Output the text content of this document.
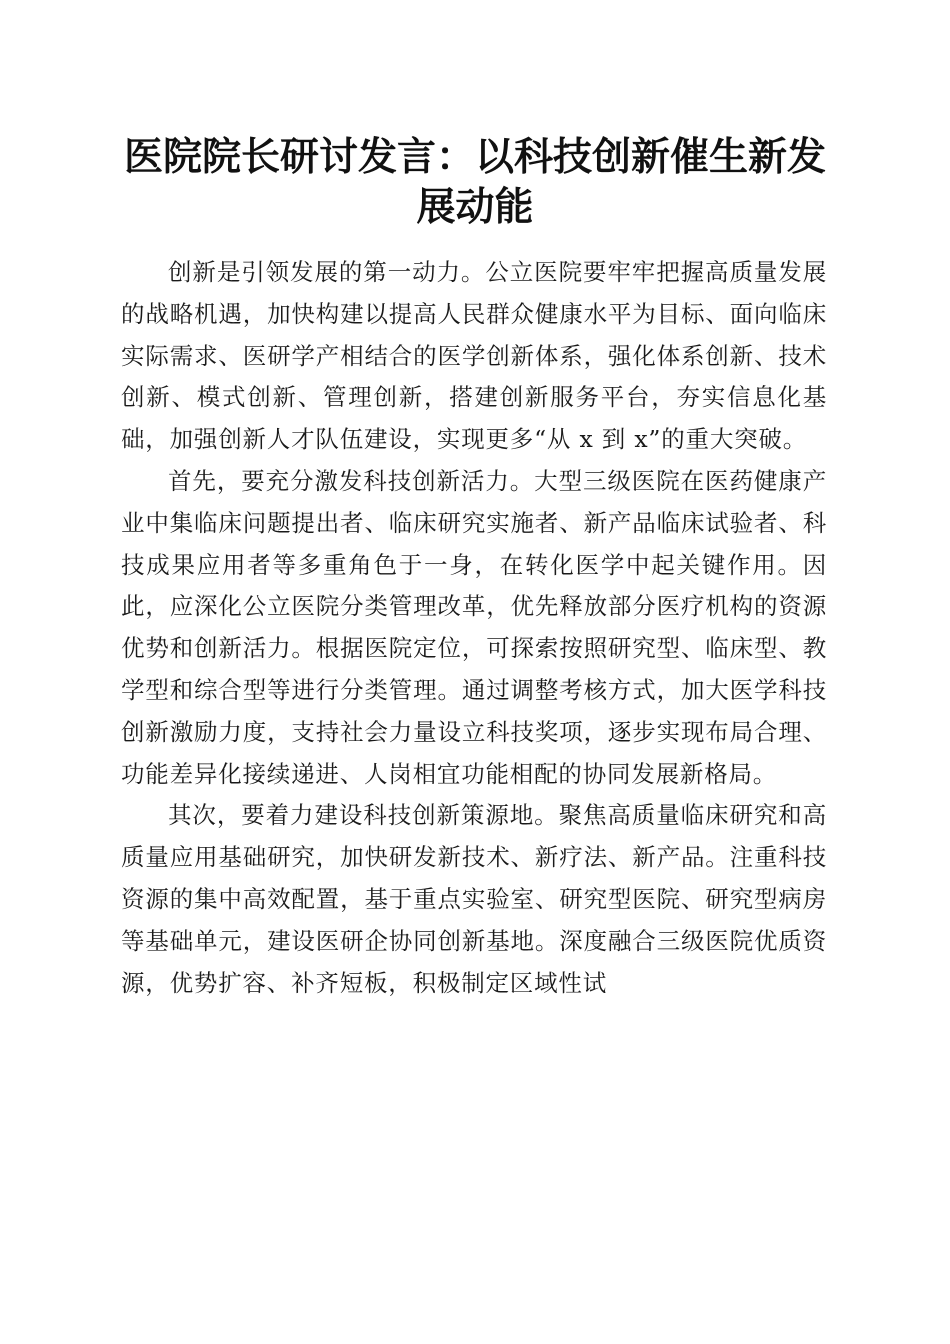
医院院长研讨发言：以科技创新催生新发展动能

创新是引领发展的第一动力。公立医院要牢牢把握高质量发展的战略机遇，加快构建以提高人民群众健康水平为目标、面向临床实际需求、医研学产相结合的医学创新体系，强化体系创新、技术创新、模式创新、管理创新，搭建创新服务平台，夯实信息化基础，加强创新人才队伍建设，实现更多“从 x 到 x”的重大突破。

首先，要充分激发科技创新活力。大型三级医院在医药健康产业中集临床问题提出者、临床研究实施者、新产品临床试验者、科技成果应用者等多重角色于一身，在转化医学中起关键作用。因此，应深化公立医院分类管理改革，优先释放部分医疗机构的资源优势和创新活力。根据医院定位，可探索按照研究型、临床型、教学型和综合型等进行分类管理。通过调整考核方式，加大医学科技创新激励力度，支持社会力量设立科技奖项，逐步实现布局合理、功能差异化接续递进、人岗相宜功能相配的协同发展新格局。

其次，要着力建设科技创新策源地。聚焦高质量临床研究和高质量应用基础研究，加快研发新技术、新疗法、新产品。注重科技资源的集中高效配置，基于重点实验室、研究型医院、研究型病房等基础单元，建设医研企协同创新基地。深度融合三级医院优质资源，优势扩容、补齐短板，积极制定区域性试
